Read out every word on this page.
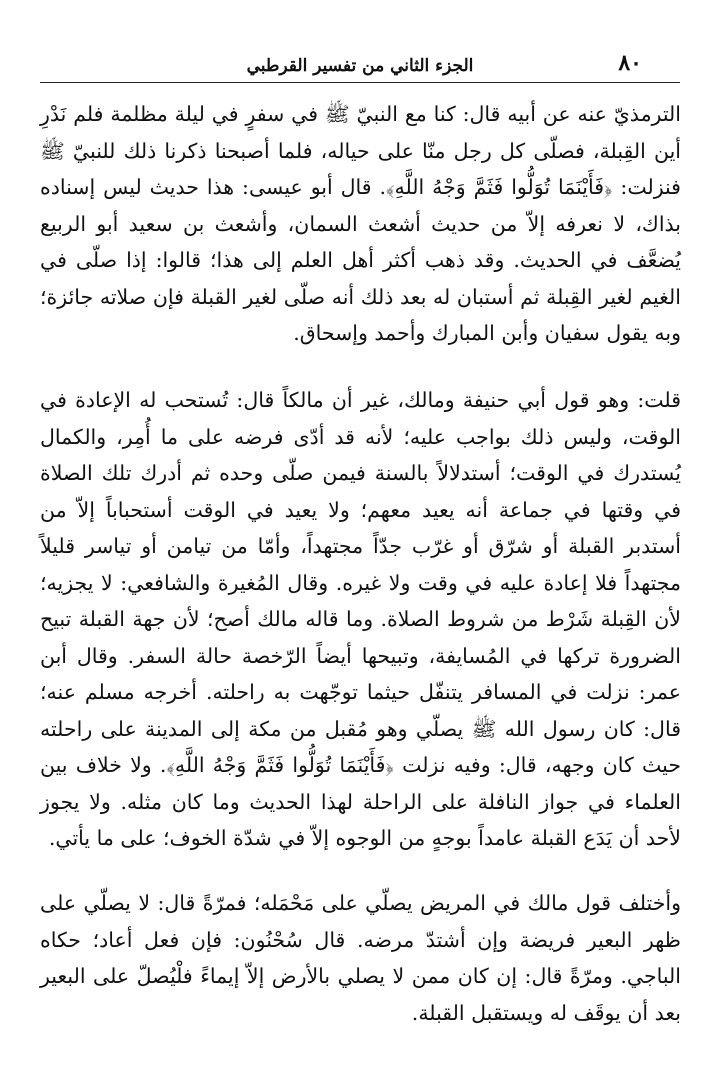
٨٠
الجزء الثاني من تفسير القرطبي

الترمذيّ عنه عن أبيه قال: كنا مع النبيّ ﷺ في سفرٍ في ليلة مظلمة فلم نَدْرِ أين القِبلة، فصلّى كل رجل منّا على حياله، فلما أصبحنا ذكرنا ذلك للنبيّ ﷺ فنزلت: ﴿فَأَيْنَمَا تُوَلُّوا فَثَمَّ وَجْهُ اللَّهِ﴾. قال أبو عيسى: هذا حديث ليس إسناده بذاك، لا نعرفه إلاّ من حديث أشعث السمان، وأشعث بن سعيد أبو الربيع يُضعَّف في الحديث. وقد ذهب أكثر أهل العلم إلى هذا؛ قالوا: إذا صلّى في الغيم لغير القِبلة ثم أستبان له بعد ذلك أنه صلّى لغير القبلة فإن صلاته جائزة؛ وبه يقول سفيان وأبن المبارك وأحمد وإسحاق.

قلت: وهو قول أبي حنيفة ومالك، غير أن مالكاً قال: تُستحب له الإعادة في الوقت، وليس ذلك بواجب عليه؛ لأنه قد أدّى فرضه على ما أُمِر، والكمال يُستدرك في الوقت؛ أستدلالاً بالسنة فيمن صلّى وحده ثم أدرك تلك الصلاة في وقتها في جماعة أنه يعيد معهم؛ ولا يعيد في الوقت أستحباباً إلاّ من أستدبر القبلة أو شرّق أو غرّب جدّاً مجتهداً، وأمّا من تيامن أو تياسر قليلاً مجتهداً فلا إعادة عليه في وقت ولا غيره. وقال المُغيرة والشافعي: لا يجزيه؛ لأن القِبلة شَرْط من شروط الصلاة. وما قاله مالك أصح؛ لأن جهة القبلة تبيح الضرورة تركها في المُسايفة، وتبيحها أيضاً الرّخصة حالة السفر. وقال أبن عمر: نزلت في المسافر يتنفّل حيثما توجّهت به راحلته. أخرجه مسلم عنه؛ قال: كان رسول الله ﷺ يصلّي وهو مُقبل من مكة إلى المدينة على راحلته حيث كان وجهه، قال: وفيه نزلت ﴿فَأَيْنَمَا تُوَلُّوا فَثَمَّ وَجْهُ اللَّهِ﴾. ولا خلاف بين العلماء في جواز النافلة على الراحلة لهذا الحديث وما كان مثله. ولا يجوز لأحد أن يَدَع القبلة عامداً بوجهٍ من الوجوه إلاّ في شدّة الخوف؛ على ما يأتي.

وأختلف قول مالك في المريض يصلّي على مَحْمَله؛ فمرّةً قال: لا يصلّي على ظهر البعير فريضة وإن أشتدّ مرضه. قال سُحْنُون: فإن فعل أعاد؛ حكاه الباجي. ومرّةً قال: إن كان ممن لا يصلي بالأرض إلاّ إيماءً فلْيُصلّ على البعير بعد أن يوقَف له ويستقبل القبلة.
